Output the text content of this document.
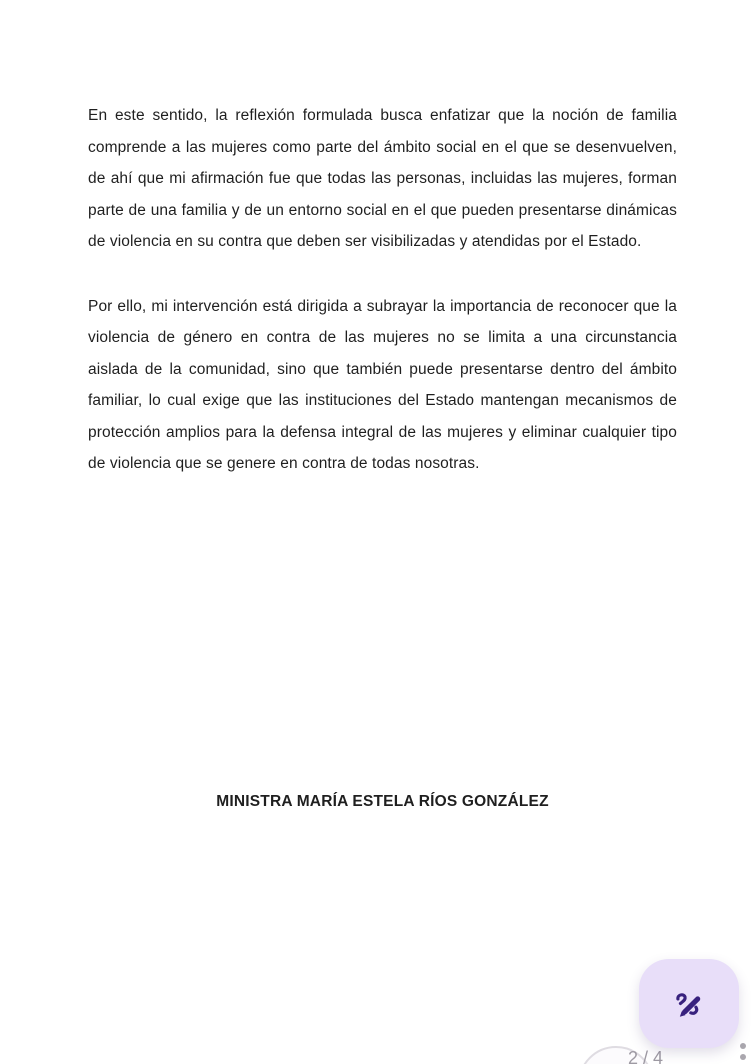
En este sentido, la reflexión formulada busca enfatizar que la noción de familia comprende a las mujeres como parte del ámbito social en el que se desenvuelven, de ahí que mi afirmación fue que todas las personas, incluidas las mujeres, forman parte de una familia y de un entorno social en el que pueden presentarse dinámicas de violencia en su contra que deben ser visibilizadas y atendidas por el Estado.

Por ello, mi intervención está dirigida a subrayar la importancia de reconocer que la violencia de género en contra de las mujeres no se limita a una circunstancia aislada de la comunidad, sino que también puede presentarse dentro del ámbito familiar, lo cual exige que las instituciones del Estado mantengan mecanismos de protección amplios para la defensa integral de las mujeres y eliminar cualquier tipo de violencia que se genere en contra de todas nosotras.

MINISTRA MARÍA ESTELA RÍOS GONZÁLEZ
2 / 4
